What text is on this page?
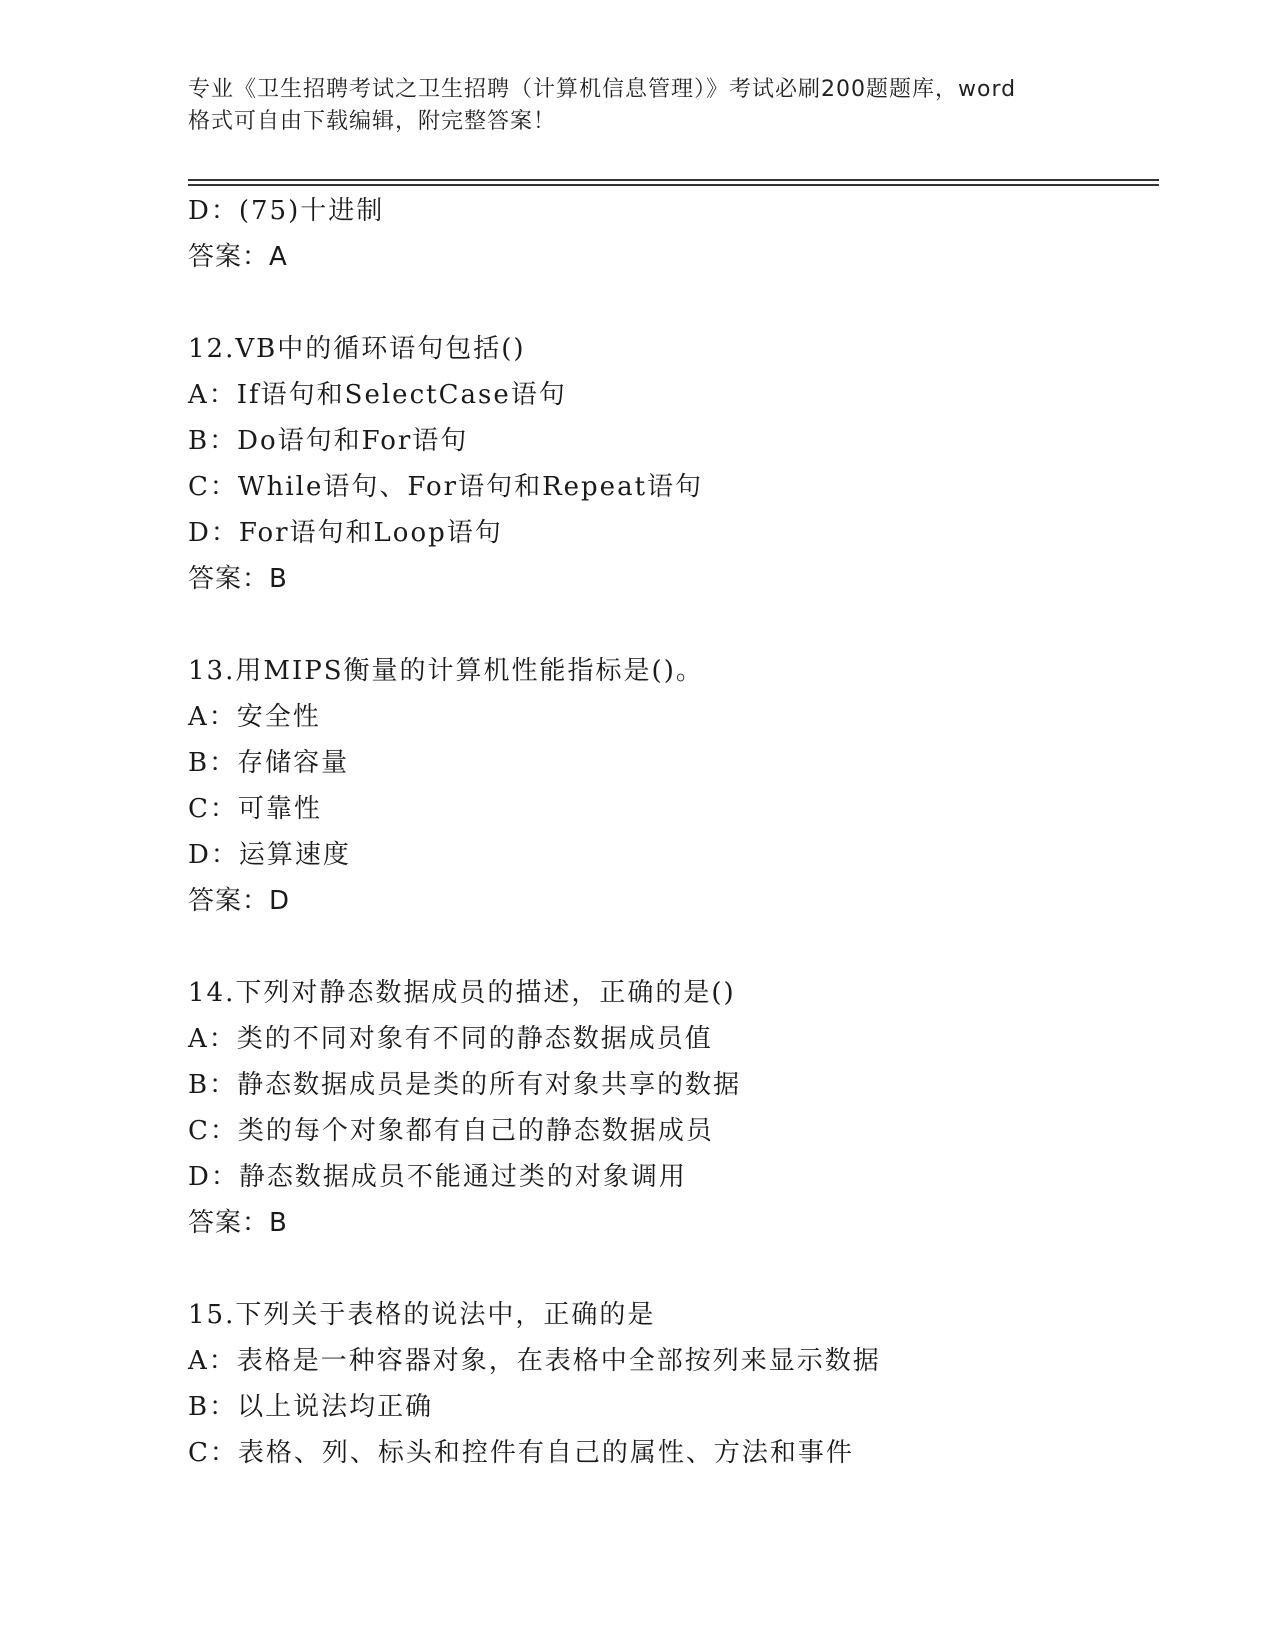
专业《卫生招聘考试之卫生招聘（计算机信息管理）》考试必刷200题题库，word

格式可自由下载编辑，附完整答案！

D：(75)十进制
答案：A
12.VB中的循环语句包括()
A：If语句和SelectCase语句
B：Do语句和For语句
C：While语句、For语句和Repeat语句
D：For语句和Loop语句
答案：B
13.用MIPS衡量的计算机性能指标是()。
A：安全性
B：存储容量
C：可靠性
D：运算速度
答案：D
14.下列对静态数据成员的描述，正确的是()
A：类的不同对象有不同的静态数据成员值
B：静态数据成员是类的所有对象共享的数据
C：类的每个对象都有自己的静态数据成员
D：静态数据成员不能通过类的对象调用
答案：B
15.下列关于表格的说法中，正确的是
A：表格是一种容器对象，在表格中全部按列来显示数据
B：以上说法均正确
C：表格、列、标头和控件有自己的属性、方法和事件
